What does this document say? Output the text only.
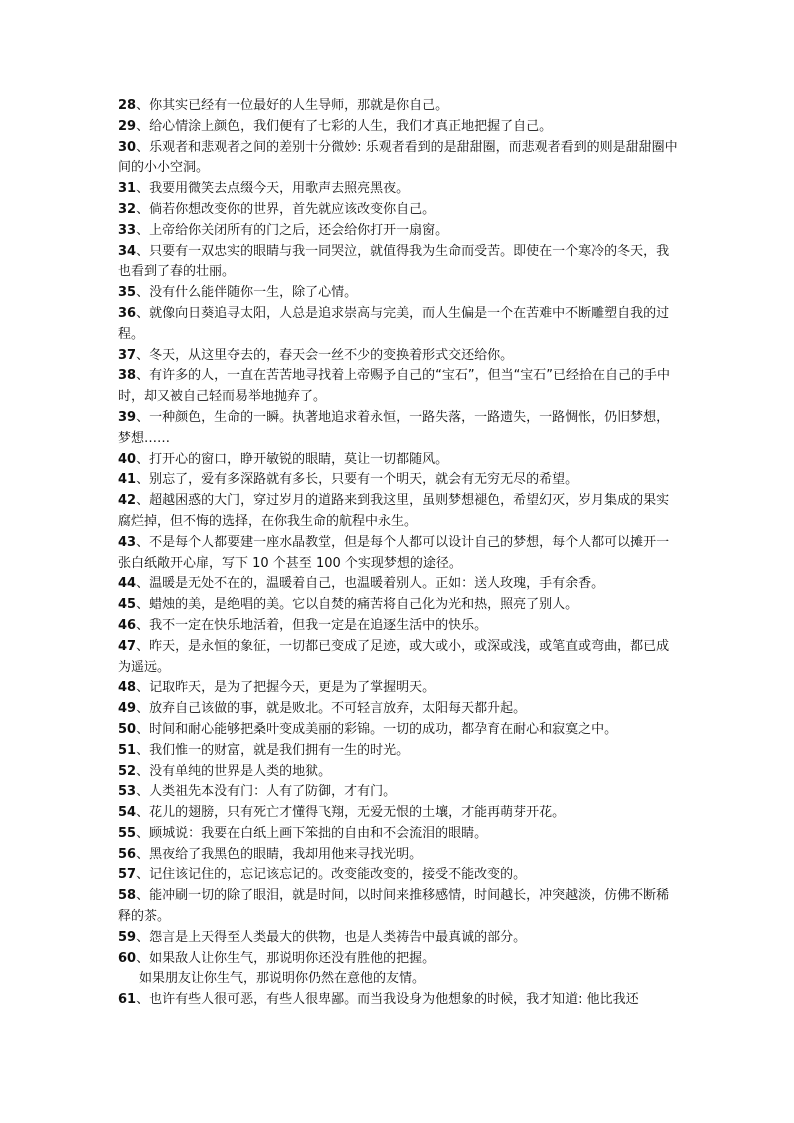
28、你其实已经有一位最好的人生导师，那就是你自己。

29、给心情涂上颜色，我们便有了七彩的人生，我们才真正地把握了自己。

30、乐观者和悲观者之间的差别十分微妙: 乐观者看到的是甜甜圈，而悲观者看到的则是甜甜圈中间的小小空洞。

31、我要用微笑去点缀今天，用歌声去照亮黑夜。

32、倘若你想改变你的世界，首先就应该改变你自己。

33、上帝给你关闭所有的门之后，还会给你打开一扇窗。

34、只要有一双忠实的眼睛与我一同哭泣，就值得我为生命而受苦。即使在一个寒冷的冬天，我也看到了春的壮丽。

35、没有什么能伴随你一生，除了心情。

36、就像向日葵追寻太阳，人总是追求崇高与完美，而人生偏是一个在苦难中不断雕塑自我的过程。

37、冬天，从这里夺去的，春天会一丝不少的变换着形式交还给你。

38、有许多的人，一直在苦苦地寻找着上帝赐予自己的“宝石”，但当“宝石”已经拾在自己的手中时，却又被自己轻而易举地抛弃了。

39、一种颜色，生命的一瞬。执著地追求着永恒，一路失落，一路遗失，一路惆怅，仍旧梦想，梦想……

40、打开心的窗口，睁开敏锐的眼睛，莫让一切都随风。

41、别忘了，爱有多深路就有多长，只要有一个明天，就会有无穷无尽的希望。

42、超越困惑的大门，穿过岁月的道路来到我这里，虽则梦想褪色，希望幻灭，岁月集成的果实腐烂掉，但不悔的选择，在你我生命的航程中永生。

43、不是每个人都要建一座水晶教堂，但是每个人都可以设计自己的梦想，每个人都可以摊开一张白纸敞开心扉，写下 10 个甚至 100 个实现梦想的途径。

44、温暖是无处不在的，温暖着自己，也温暖着别人。正如：送人玫瑰，手有余香。

45、蜡烛的美，是绝唱的美。它以自焚的痛苦将自己化为光和热，照亮了别人。

46、我不一定在快乐地活着，但我一定是在追逐生活中的快乐。

47、昨天，是永恒的象征，一切都已变成了足迹，或大或小，或深或浅，或笔直或弯曲，都已成为遥远。

48、记取昨天，是为了把握今天，更是为了掌握明天。

49、放弃自己该做的事，就是败北。不可轻言放弃，太阳每天都升起。

50、时间和耐心能够把桑叶变成美丽的彩锦。一切的成功，都孕育在耐心和寂寞之中。

51、我们惟一的财富，就是我们拥有一生的时光。

52、没有单纯的世界是人类的地狱。

53、人类祖先本没有门：人有了防御，才有门。

54、花儿的翅膀，只有死亡才懂得飞翔，无爱无恨的土壤，才能再萌芽开花。

55、顾城说：我要在白纸上画下笨拙的自由和不会流泪的眼睛。

56、黑夜给了我黑色的眼睛，我却用他来寻找光明。

57、记住该记住的，忘记该忘记的。改变能改变的，接受不能改变的。

58、能冲刷一切的除了眼泪，就是时间，以时间来推移感情，时间越长，冲突越淡，仿佛不断稀释的茶。

59、怨言是上天得至人类最大的供物，也是人类祷告中最真诚的部分。

60、如果敌人让你生气，那说明你还没有胜他的把握。

如果朋友让你生气，那说明你仍然在意他的友情。

61、也许有些人很可恶，有些人很卑鄙。而当我设身为他想象的时候，我才知道: 他比我还
